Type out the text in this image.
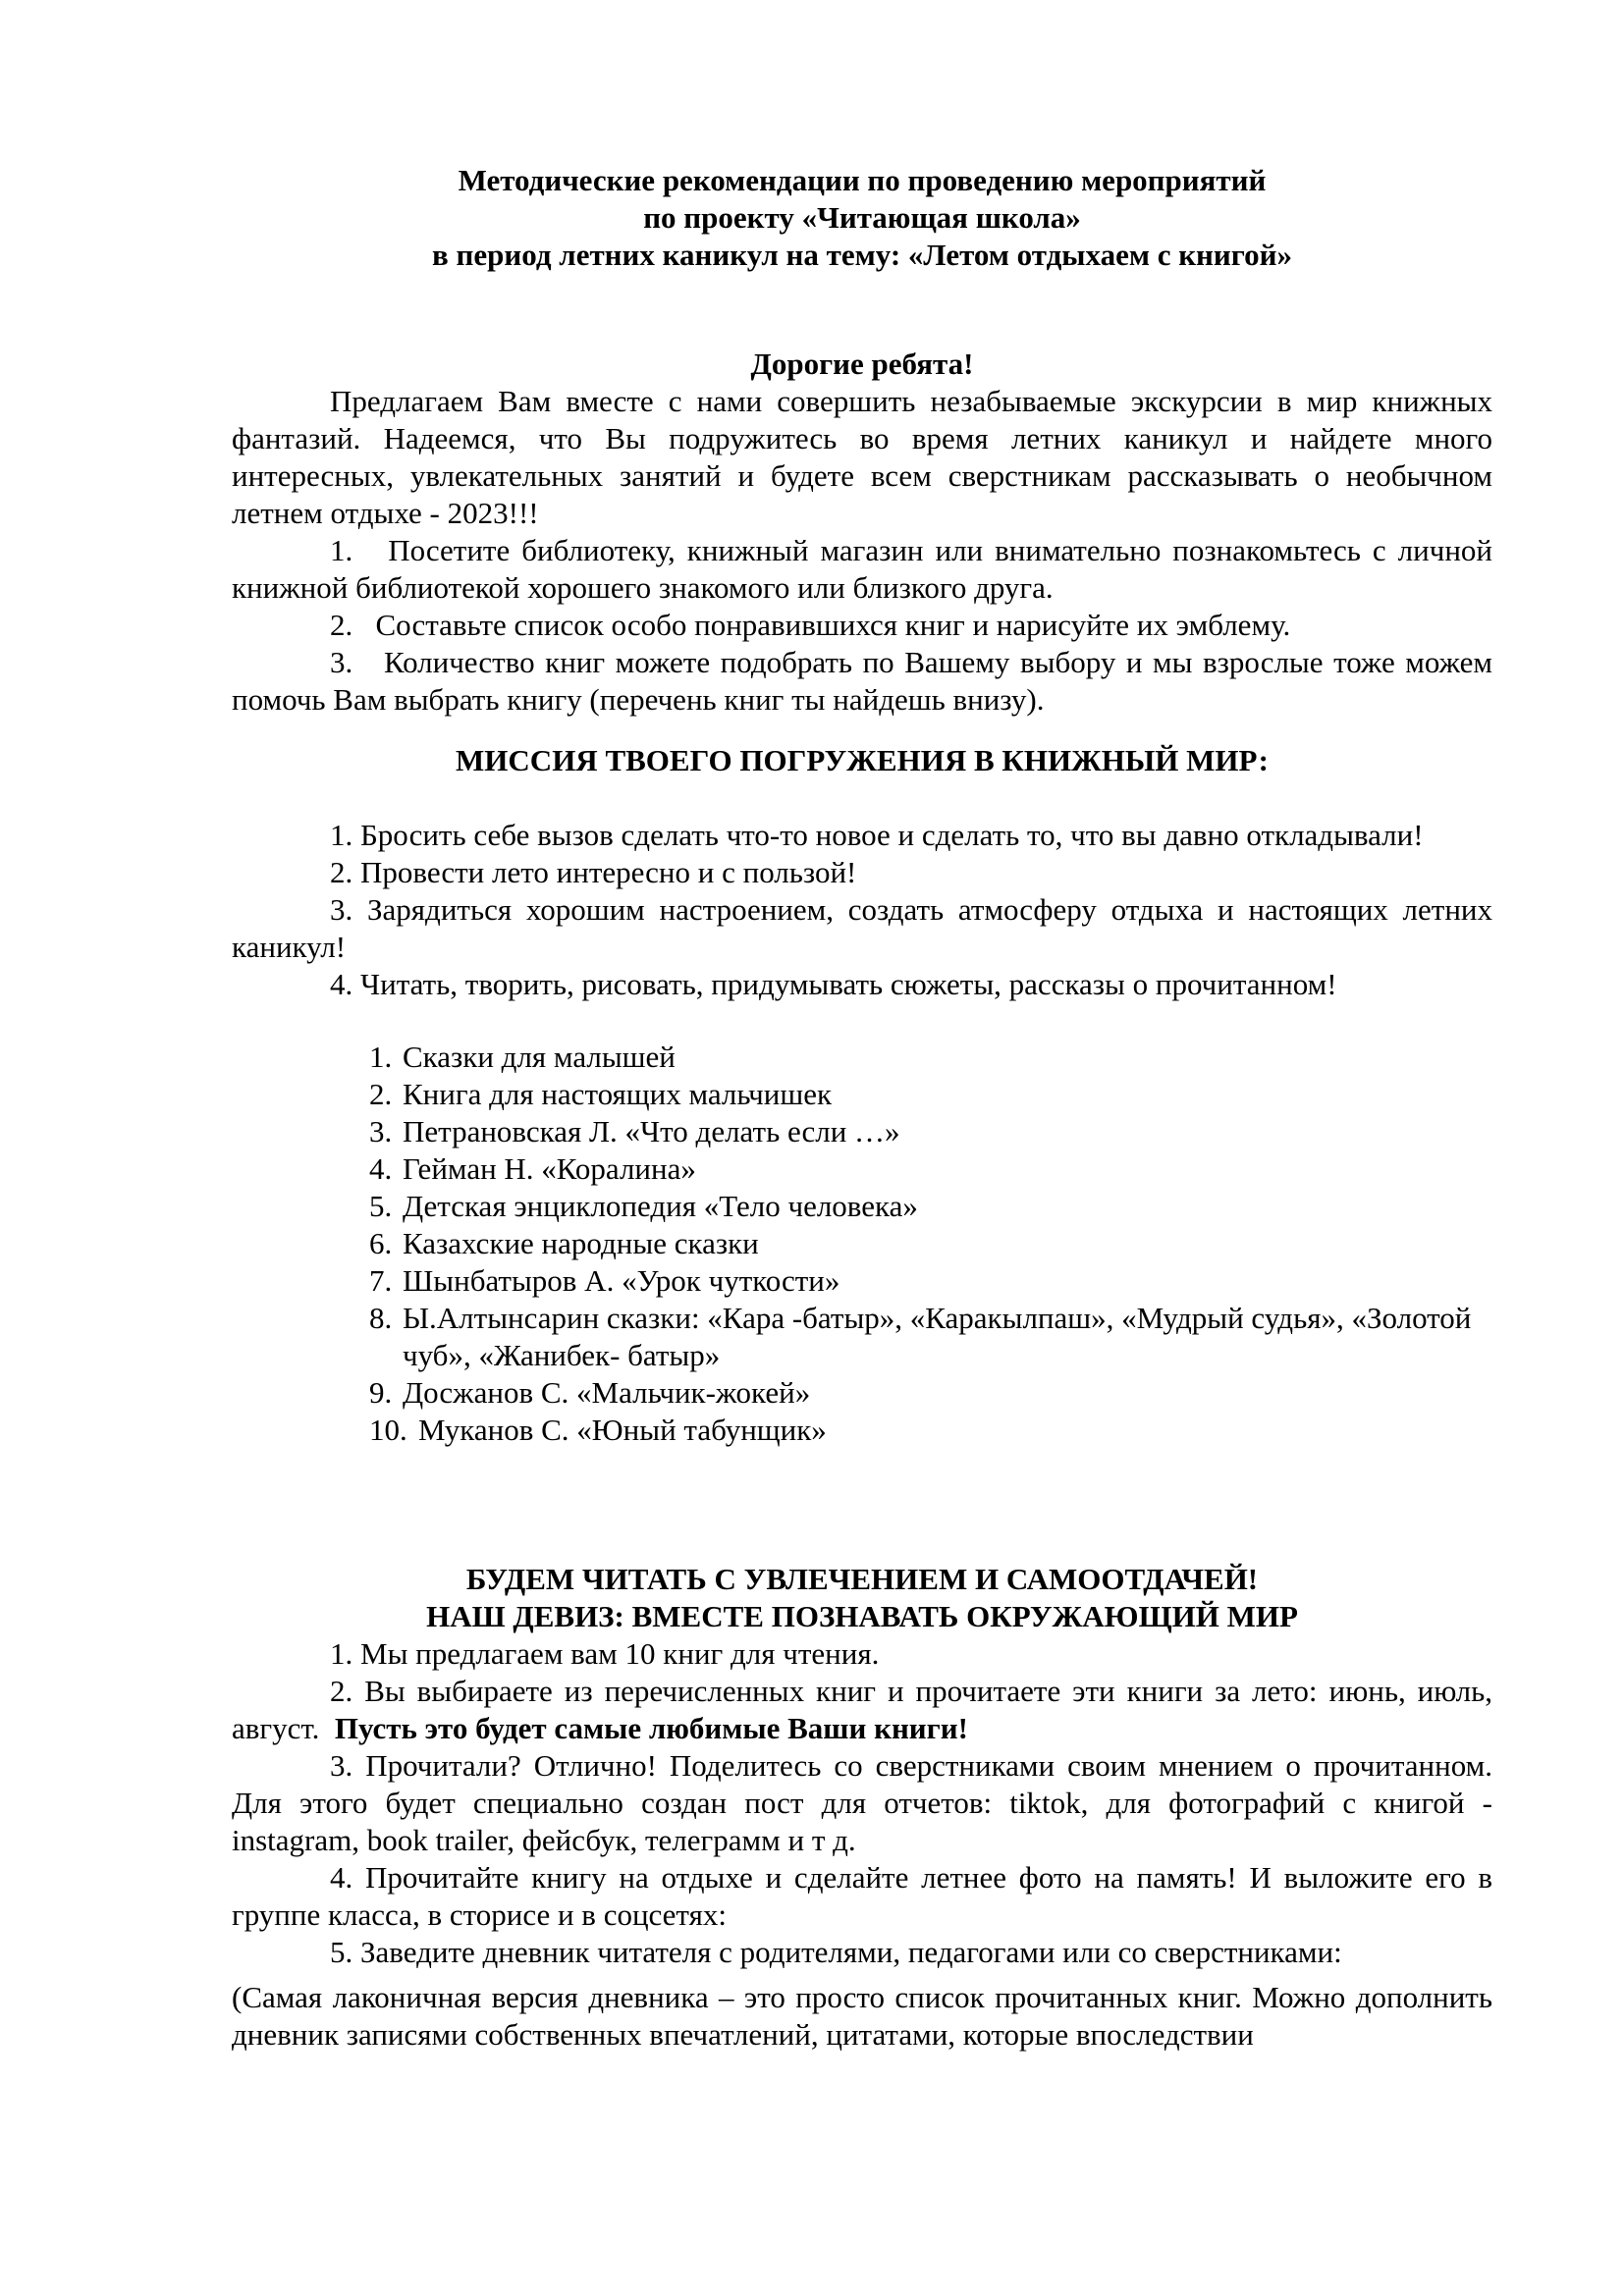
Методические рекомендации по проведению мероприятий

по проекту «Читающая школа»

в период летних каникул на тему: «Летом отдыхаем с книгой»

Дорогие ребята!

Предлагаем Вам вместе с нами совершить незабываемые экскурсии в мир книжных фантазий. Надеемся, что Вы подружитесь во время летних каникул и найдете много интересных, увлекательных занятий и будете всем сверстникам рассказывать о необычном летнем отдыхе - 2023!!!

1. Посетите библиотеку, книжный магазин или внимательно познакомьтесь с личной книжной библиотекой хорошего знакомого или близкого друга.

2. Составьте список особо понравившихся книг и нарисуйте их эмблему.

3. Количество книг можете подобрать по Вашему выбору и мы взрослые тоже можем помочь Вам выбрать книгу (перечень книг ты найдешь внизу).

МИССИЯ ТВОЕГО ПОГРУЖЕНИЯ В КНИЖНЫЙ МИР:

1. Бросить себе вызов сделать что-то новое и сделать то, что вы давно откладывали!

2. Провести лето интересно и с пользой!

3. Зарядиться хорошим настроением, создать атмосферу отдыха и настоящих летних каникул!

4. Читать, творить, рисовать, придумывать сюжеты, рассказы о прочитанном!

1. Сказки для малышей
2. Книга для настоящих мальчишек
3. Петрановская Л. «Что делать если …»
4. Гейман Н. «Коралина»
5. Детская энциклопедия «Тело человека»
6. Казахские народные сказки
7. Шынбатыров А. «Урок чуткости»
8. Ы.Алтынсарин сказки: «Кара -батыр», «Каракылпаш», «Мудрый судья», «Золотой чуб», «Жанибек- батыр»
9. Досжанов С. «Мальчик-жокей»
10. Муканов С. «Юный табунщик»

БУДЕМ ЧИТАТЬ С УВЛЕЧЕНИЕМ И САМООТДАЧЕЙ!

НАШ ДЕВИЗ: ВМЕСТЕ ПОЗНАВАТЬ ОКРУЖАЮЩИЙ МИР

1. Мы предлагаем вам 10 книг для чтения.

2. Вы выбираете из перечисленных книг и прочитаете эти книги за лето: июнь, июль, август. Пусть это будет самые любимые Ваши книги!

3. Прочитали? Отлично! Поделитесь со сверстниками своим мнением о прочитанном. Для этого будет специально создан пост для отчетов: tiktok, для фотографий с книгой - instagram, book trailer, фейсбук, телеграмм и т д.

4. Прочитайте книгу на отдыхе и сделайте летнее фото на память! И выложите его в группе класса, в сторисе и в соцсетях:

5. Заведите дневник читателя с родителями, педагогами или со сверстниками:

(Самая лаконичная версия дневника – это просто список прочитанных книг. Можно дополнить дневник записями собственных впечатлений, цитатами, которые впоследствии
